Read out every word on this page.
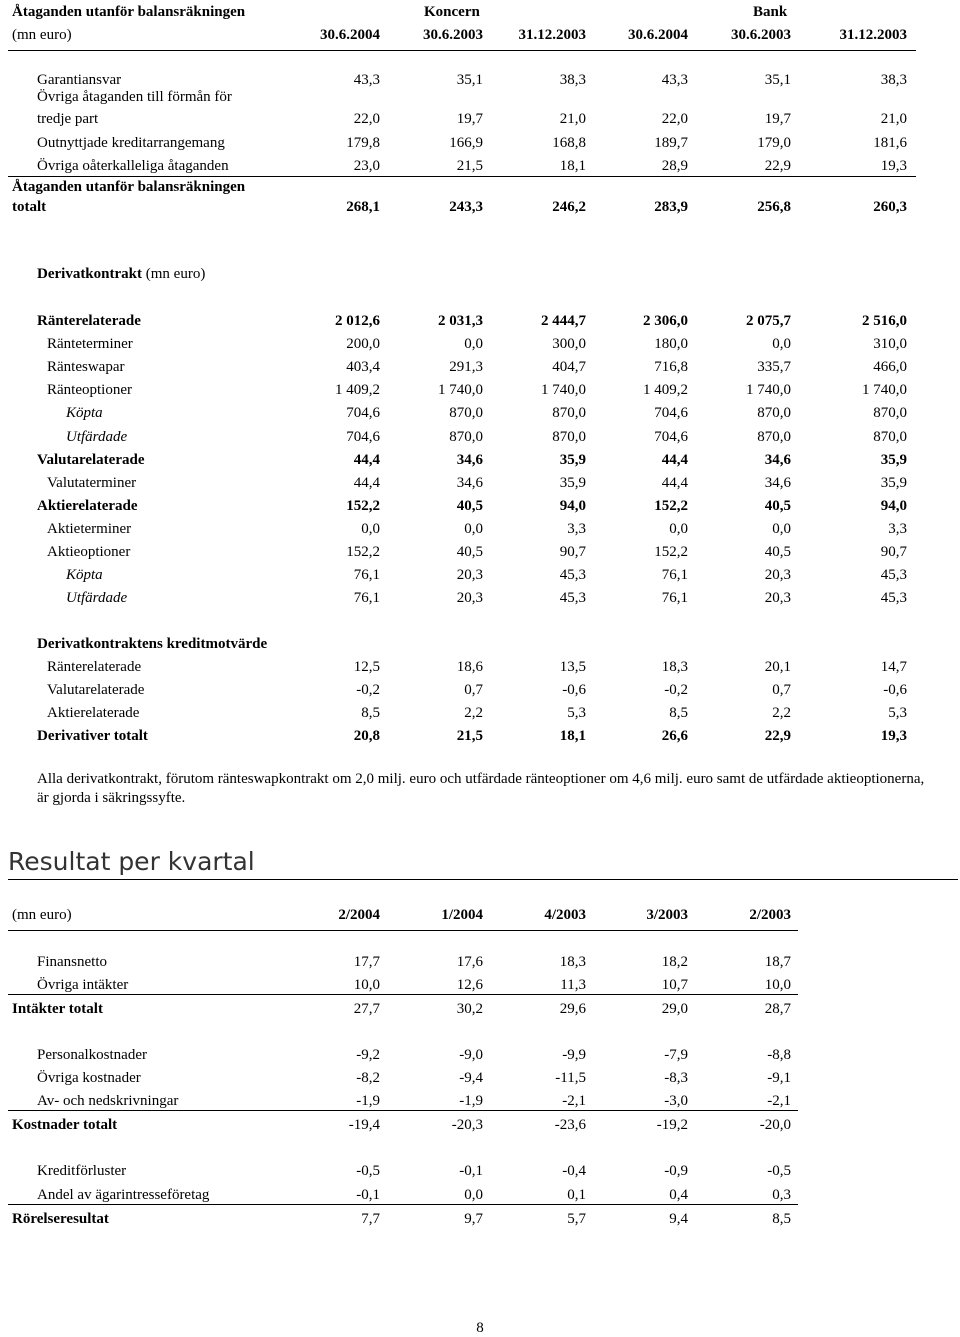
Åtaganden utanför balansräkningen	Koncern	Bank
(mn euro)	30.6.2004	30.6.2003	31.12.2003	30.6.2004	30.6.2003	31.12.2003
Garantiansvar	43,3	35,1	38,3	43,3	35,1	38,3
Övriga åtaganden till förmån för
tredje part	22,0	19,7	21,0	22,0	19,7	21,0
Outnyttjade kreditarrangemang	179,8	166,9	168,8	189,7	179,0	181,6
Övriga oåterkalleliga åtaganden	23,0	21,5	18,1	28,9	22,9	19,3
Åtaganden utanför balansräkningen
totalt	268,1	243,3	246,2	283,9	256,8	260,3
Derivatkontrakt (mn euro)
Ränterelaterade	2 012,6	2 031,3	2 444,7	2 306,0	2 075,7	2 516,0
Ränteterminer	200,0	0,0	300,0	180,0	0,0	310,0
Ränteswapar	403,4	291,3	404,7	716,8	335,7	466,0
Ränteoptioner	1 409,2	1 740,0	1 740,0	1 409,2	1 740,0	1 740,0
Köpta	704,6	870,0	870,0	704,6	870,0	870,0
Utfärdade	704,6	870,0	870,0	704,6	870,0	870,0
Valutarelaterade	44,4	34,6	35,9	44,4	34,6	35,9
Valutaterminer	44,4	34,6	35,9	44,4	34,6	35,9
Aktierelaterade	152,2	40,5	94,0	152,2	40,5	94,0
Aktieterminer	0,0	0,0	3,3	0,0	0,0	3,3
Aktieoptioner	152,2	40,5	90,7	152,2	40,5	90,7
Köpta	76,1	20,3	45,3	76,1	20,3	45,3
Utfärdade	76,1	20,3	45,3	76,1	20,3	45,3
Derivatkontraktens kreditmotvärde
Ränterelaterade	12,5	18,6	13,5	18,3	20,1	14,7
Valutarelaterade	-0,2	0,7	-0,6	-0,2	0,7	-0,6
Aktierelaterade	8,5	2,2	5,3	8,5	2,2	5,3
Derivativer totalt	20,8	21,5	18,1	26,6	22,9	19,3
Alla derivatkontrakt, förutom ränteswapkontrakt om 2,0 milj. euro och utfärdade ränteoptioner om 4,6 milj. euro samt de utfärdade aktieoptionerna, är gjorda i säkringssyfte.
Resultat per kvartal
(mn euro)	2/2004	1/2004	4/2003	3/2003	2/2003
Finansnetto	17,7	17,6	18,3	18,2	18,7
Övriga intäkter	10,0	12,6	11,3	10,7	10,0
Intäkter totalt	27,7	30,2	29,6	29,0	28,7
Personalkostnader	-9,2	-9,0	-9,9	-7,9	-8,8
Övriga kostnader	-8,2	-9,4	-11,5	-8,3	-9,1
Av- och nedskrivningar	-1,9	-1,9	-2,1	-3,0	-2,1
Kostnader totalt	-19,4	-20,3	-23,6	-19,2	-20,0
Kreditförluster	-0,5	-0,1	-0,4	-0,9	-0,5
Andel av ägarintresseföretag	-0,1	0,0	0,1	0,4	0,3
Rörelseresultat	7,7	9,7	5,7	9,4	8,5
8
